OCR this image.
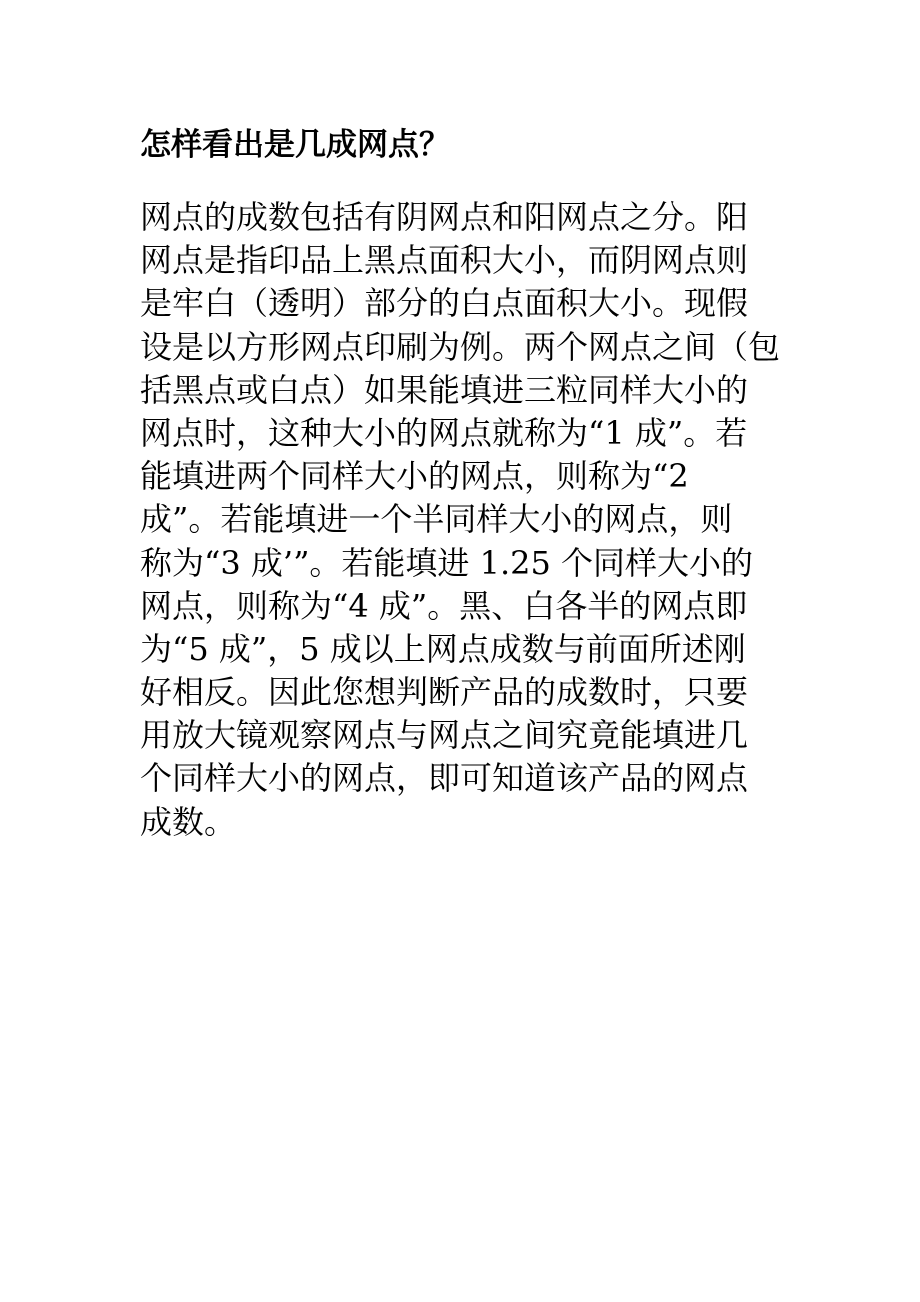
怎样看出是几成网点？
网点的成数包括有阴网点和阳网点之分。阳
网点是指印品上黑点面积大小，而阴网点则
是牢白（透明）部分的白点面积大小。现假
设是以方形网点印刷为例。两个网点之间（包
括黑点或白点）如果能填进三粒同样大小的
网点时，这种大小的网点就称为“1 成”。若
能填进两个同样大小的网点，则称为“2
成”。若能填进一个半同样大小的网点，则
称为“3 成’”。若能填进 1.25 个同样大小的
网点，则称为“4 成”。黑、白各半的网点即
为“5 成”，5 成以上网点成数与前面所述刚
好相反。因此您想判断产品的成数时，只要
用放大镜观察网点与网点之间究竟能填进几
个同样大小的网点，即可知道该产品的网点
成数。
